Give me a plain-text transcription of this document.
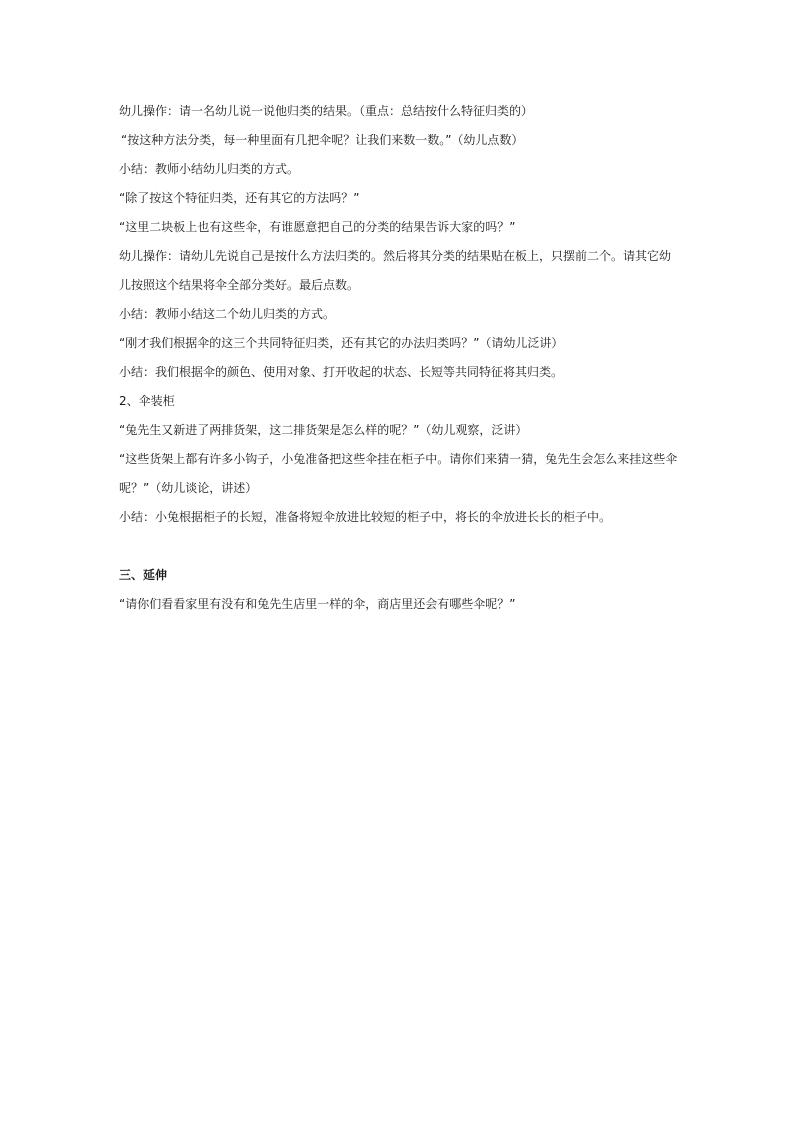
幼儿操作：请一名幼儿说一说他归类的结果。（重点：总结按什么特征归类的）
“按这种方法分类，每一种里面有几把伞呢？让我们来数一数。”（幼儿点数）
小结：教师小结幼儿归类的方式。
“除了按这个特征归类，还有其它的方法吗？”
“这里二块板上也有这些伞，有谁愿意把自己的分类的结果告诉大家的吗？”
幼儿操作：请幼儿先说自己是按什么方法归类的。然后将其分类的结果贴在板上，只摆前二个。请其它幼
儿按照这个结果将伞全部分类好。最后点数。
小结：教师小结这二个幼儿归类的方式。
“刚才我们根据伞的这三个共同特征归类，还有其它的办法归类吗？”（请幼儿泛讲）
小结：我们根据伞的颜色、使用对象、打开收起的状态、长短等共同特征将其归类。
2、伞装柜
“兔先生又新进了两排货架，这二排货架是怎么样的呢？”（幼儿观察，泛讲）
“这些货架上都有许多小钩子，小兔准备把这些伞挂在柜子中。请你们来猜一猜，兔先生会怎么来挂这些伞
呢？”（幼儿谈论，讲述）
小结：小兔根据柜子的长短，准备将短伞放进比较短的柜子中，将长的伞放进长长的柜子中。
三、延伸
“请你们看看家里有没有和兔先生店里一样的伞，商店里还会有哪些伞呢？”
